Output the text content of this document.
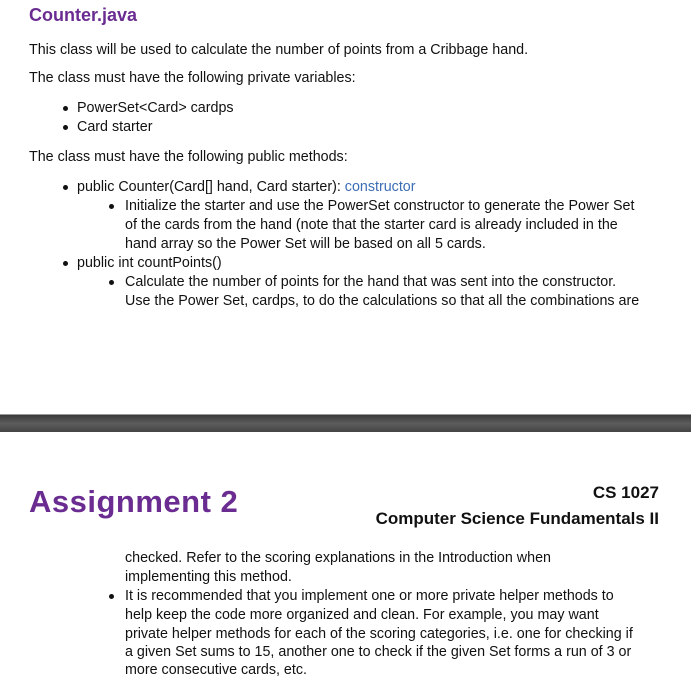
Counter.java
This class will be used to calculate the number of points from a Cribbage hand.
The class must have the following private variables:
PowerSet<Card> cardps
Card starter
The class must have the following public methods:
public Counter(Card[] hand, Card starter): constructor
Initialize the starter and use the PowerSet constructor to generate the Power Set
of the cards from the hand (note that the starter card is already included in the
hand array so the Power Set will be based on all 5 cards.
public int countPoints()
Calculate the number of points for the hand that was sent into the constructor.
Use the Power Set, cardps, to do the calculations so that all the combinations are
Assignment 2	CS 1027
Computer Science Fundamentals II
checked. Refer to the scoring explanations in the Introduction when
implementing this method.
It is recommended that you implement one or more private helper methods to
help keep the code more organized and clean. For example, you may want
private helper methods for each of the scoring categories, i.e. one for checking if
a given Set sums to 15, another one to check if the given Set forms a run of 3 or
more consecutive cards, etc.
